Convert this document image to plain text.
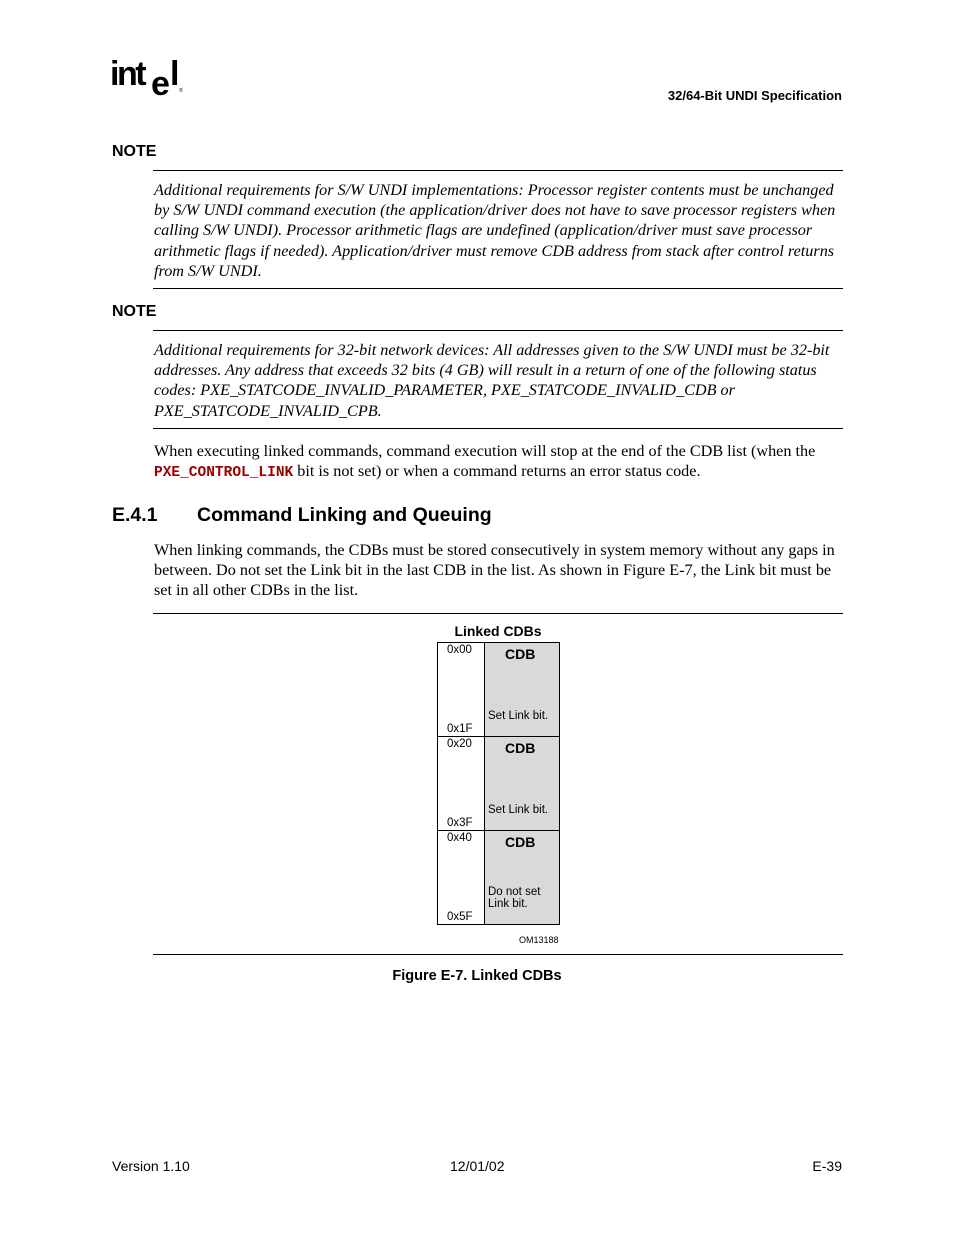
int e l ®	32/64-Bit UNDI Specification
NOTE
Additional requirements for S/W UNDI implementations: Processor register contents must be unchanged by S/W UNDI command execution (the application/driver does not have to save processor registers when calling S/W UNDI). Processor arithmetic flags are undefined (application/driver must save processor arithmetic flags if needed). Application/driver must remove CDB address from stack after control returns from S/W UNDI.
NOTE
Additional requirements for 32-bit network devices: All addresses given to the S/W UNDI must be 32-bit addresses. Any address that exceeds 32 bits (4 GB) will result in a return of one of the following status codes: PXE_STATCODE_INVALID_PARAMETER, PXE_STATCODE_INVALID_CDB or PXE_STATCODE_INVALID_CPB.
When executing linked commands, command execution will stop at the end of the CDB list (when the PXE_CONTROL_LINK bit is not set) or when a command returns an error status code.
E.4.1 Command Linking and Queuing
When linking commands, the CDBs must be stored consecutively in system memory without any gaps in between. Do not set the Link bit in the last CDB in the list. As shown in Figure E-7, the Link bit must be set in all other CDBs in the list.
Linked CDBs
0x00
0x1F
CDB
Set Link bit.
0x20
0x3F
CDB
Set Link bit.
0x40
0x5F
CDB
Do not set Link bit.
OM13188
Figure E-7. Linked CDBs
Version 1.10	12/01/02	E-39
